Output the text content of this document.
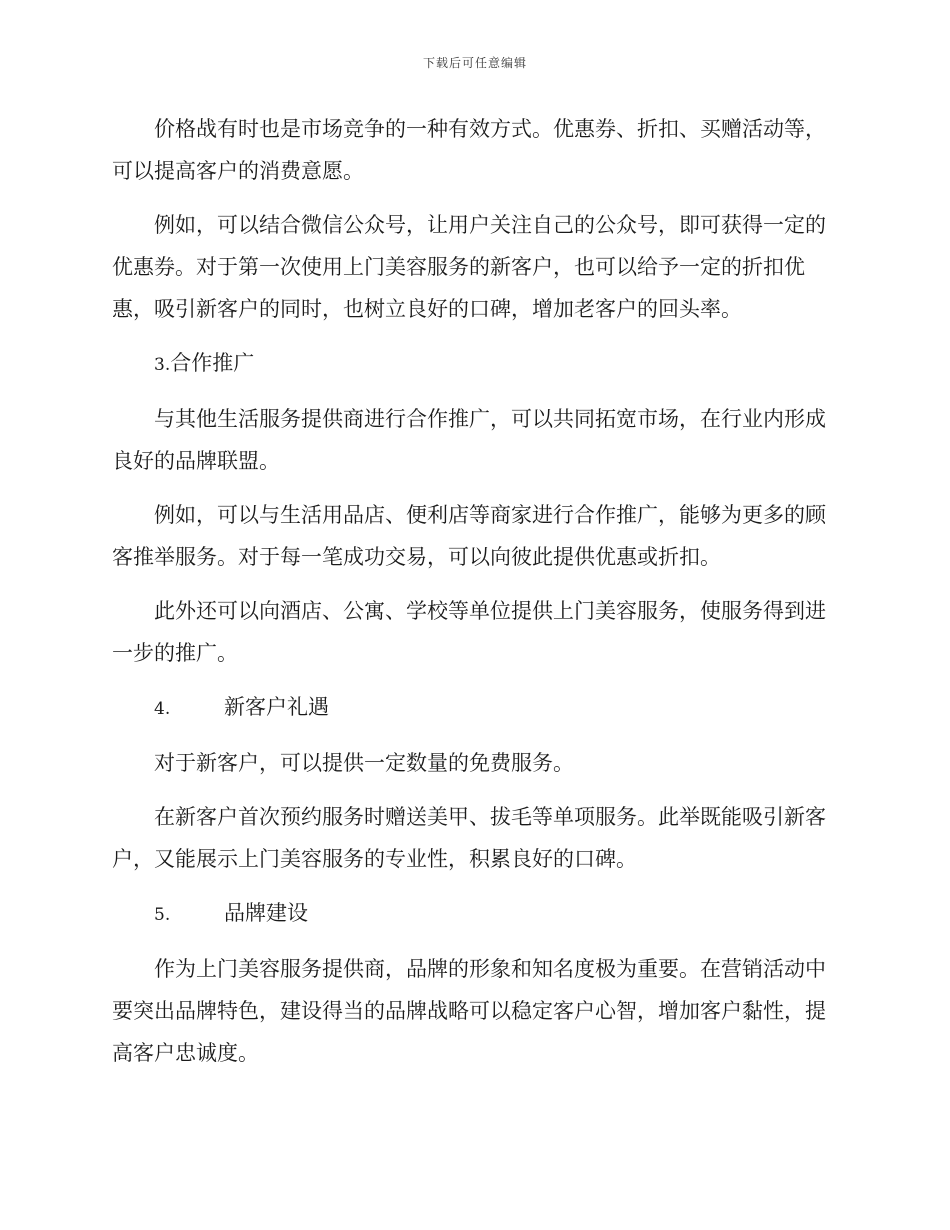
下载后可任意编辑

价格战有时也是市场竞争的一种有效方式。优惠券、折扣、买赠活动等，可以提高客户的消费意愿。

例如，可以结合微信公众号，让用户关注自己的公众号，即可获得一定的优惠券。对于第一次使用上门美容服务的新客户，也可以给予一定的折扣优惠，吸引新客户的同时，也树立良好的口碑，增加老客户的回头率。

3. 合作推广

与其他生活服务提供商进行合作推广，可以共同拓宽市场，在行业内形成良好的品牌联盟。

例如，可以与生活用品店、便利店等商家进行合作推广，能够为更多的顾客推举服务。对于每一笔成功交易，可以向彼此提供优惠或折扣。

此外还可以向酒店、公寓、学校等单位提供上门美容服务，使服务得到进一步的推广。

4.	新客户礼遇

对于新客户，可以提供一定数量的免费服务。

在新客户首次预约服务时赠送美甲、拔毛等单项服务。此举既能吸引新客户，又能展示上门美容服务的专业性，积累良好的口碑。

5.	品牌建设

作为上门美容服务提供商，品牌的形象和知名度极为重要。在营销活动中要突出品牌特色，建设得当的品牌战略可以稳定客户心智，增加客户黏性，提高客户忠诚度。
